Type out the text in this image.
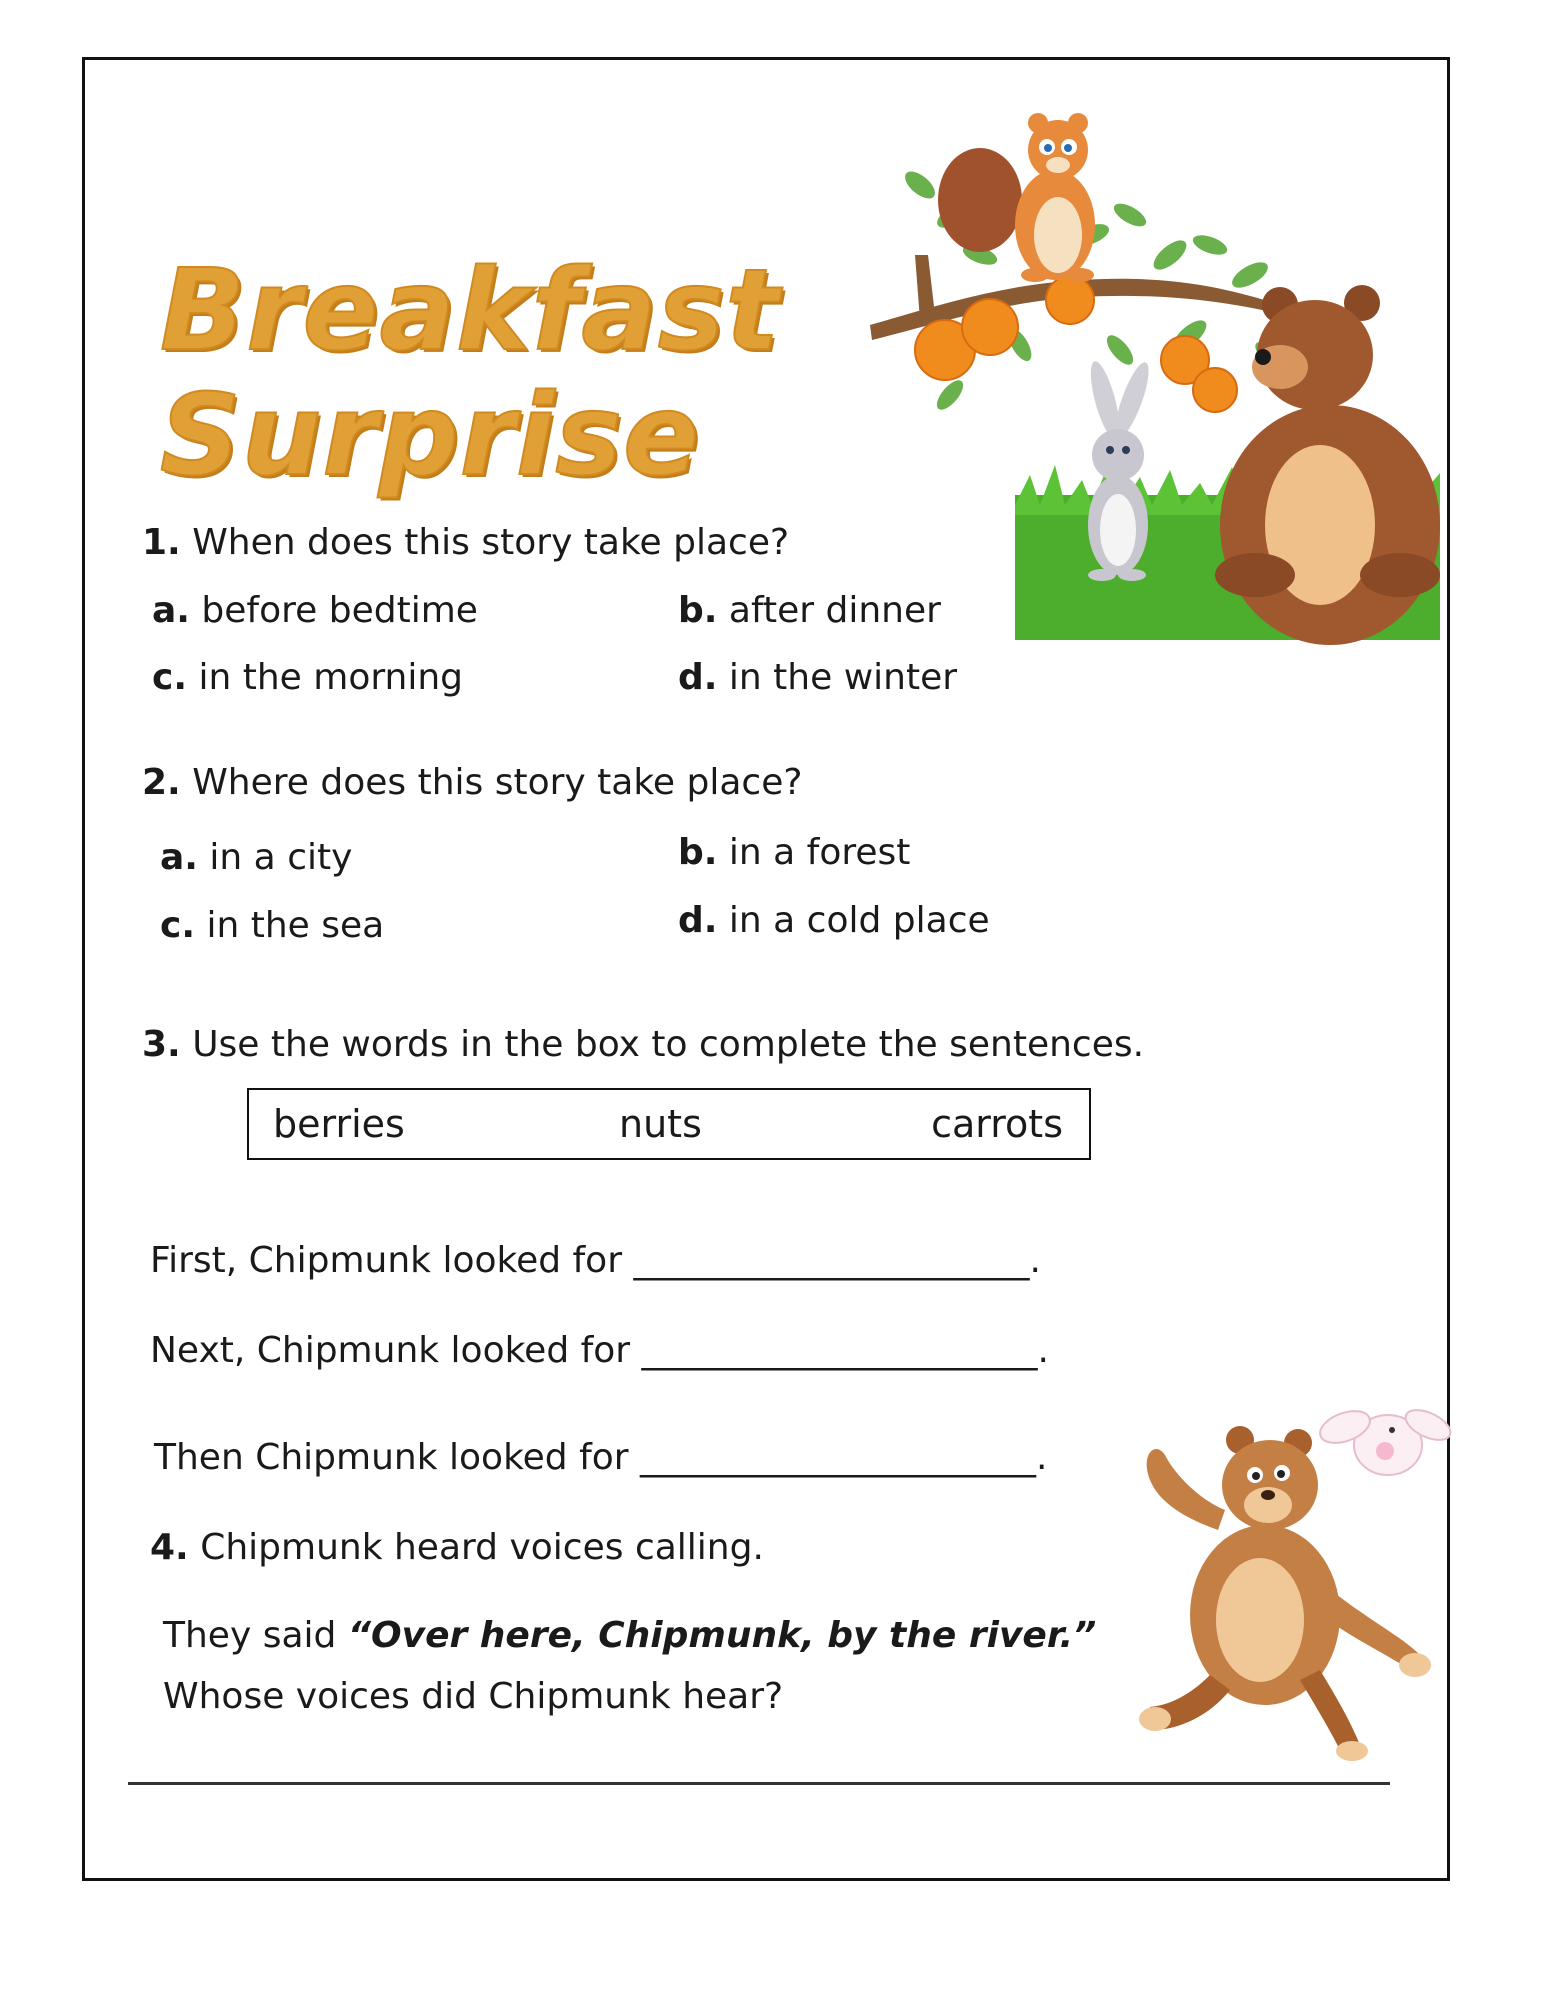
Breakfast
Surprise
1. When does this story take place?
a. before bedtime	b. after dinner
c. in the morning	d. in the winter
2. Where does this story take place?
a. in a city	b. in a forest
c. in the sea	d. in a cold place
3. Use the words in the box to complete the sentences.
berries	nuts	carrots
First, Chipmunk looked for ______________________.
Next, Chipmunk looked for ______________________.
Then Chipmunk looked for ______________________.
4. Chipmunk heard voices calling.
They said “Over here, Chipmunk, by the river.”
Whose voices did Chipmunk hear?
